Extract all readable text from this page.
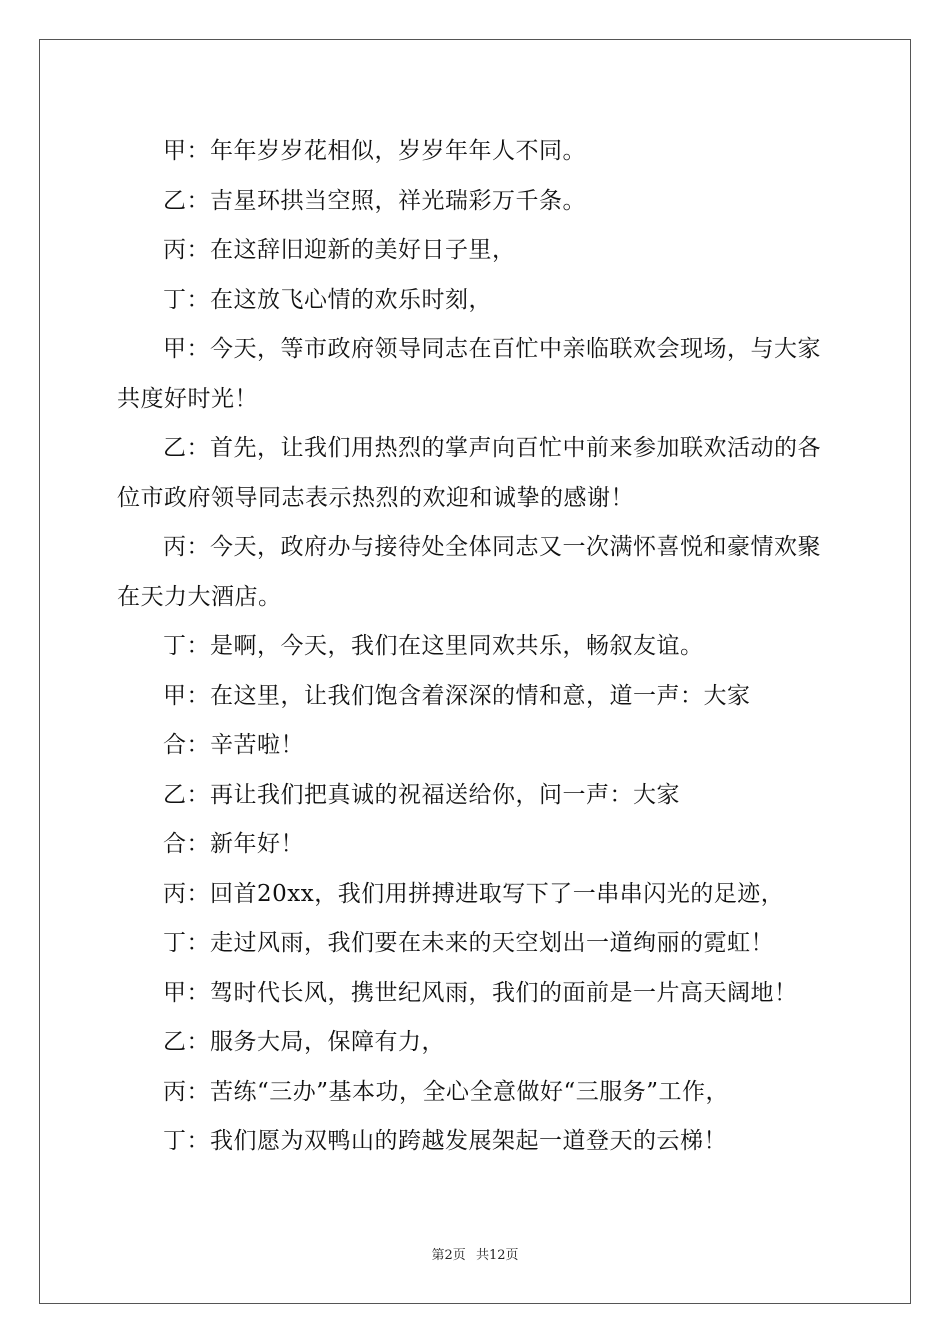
甲：年年岁岁花相似，岁岁年年人不同。

乙：吉星环拱当空照，祥光瑞彩万千条。

丙：在这辞旧迎新的美好日子里，

丁：在这放飞心情的欢乐时刻，

甲：今天，等市政府领导同志在百忙中亲临联欢会现场，与大家共度好时光！

乙：首先，让我们用热烈的掌声向百忙中前来参加联欢活动的各位市政府领导同志表示热烈的欢迎和诚挚的感谢！

丙：今天，政府办与接待处全体同志又一次满怀喜悦和豪情欢聚在天力大酒店。

丁：是啊，今天，我们在这里同欢共乐，畅叙友谊。

甲：在这里，让我们饱含着深深的情和意，道一声：大家

合：辛苦啦！

乙：再让我们把真诚的祝福送给你，问一声：大家

合：新年好！

丙：回首20xx，我们用拼搏进取写下了一串串闪光的足迹，

丁：走过风雨，我们要在未来的天空划出一道绚丽的霓虹！

甲：驾时代长风，携世纪风雨，我们的面前是一片高天阔地！

乙：服务大局，保障有力，

丙：苦练“三办”基本功，全心全意做好“三服务”工作，

丁：我们愿为双鸭山的跨越发展架起一道登天的云梯！

第2页 共12页
